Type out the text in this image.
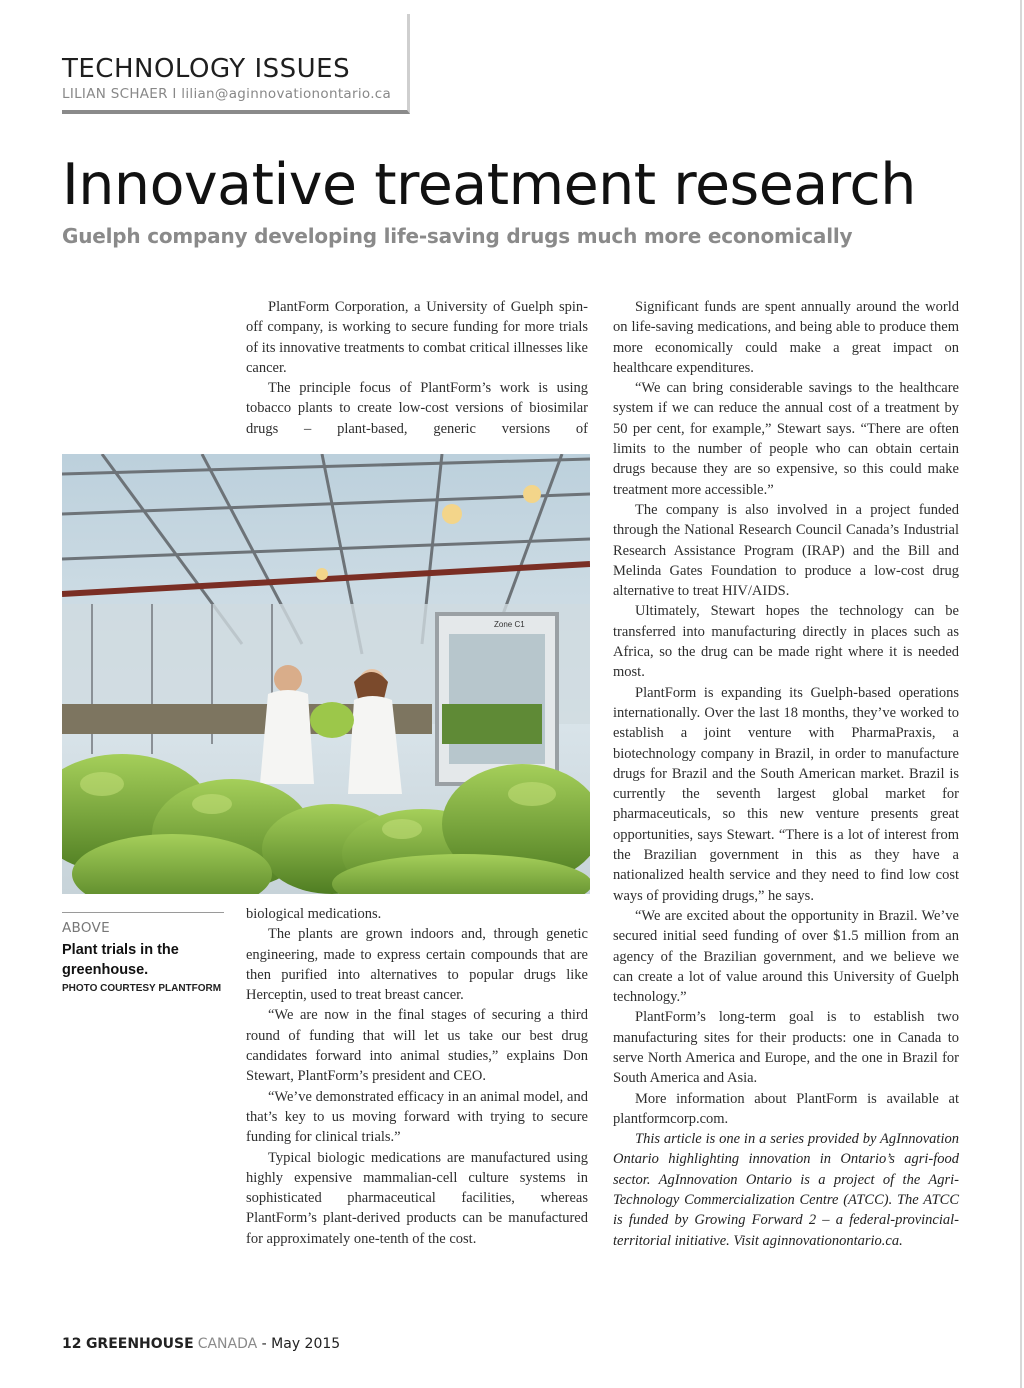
TECHNOLOGY ISSUES
LILIAN SCHAER I lilian@aginnovationontario.ca
Innovative treatment research
Guelph company developing life-saving drugs much more economically

PlantForm Corporation, a University of Guelph spin-off company, is working to secure funding for more trials of its innovative treatments to combat critical illnesses like cancer.

The principle focus of PlantForm’s work is using tobacco plants to create low-cost versions of biosimilar drugs – plant-based, generic versions of

Zone C1

biological medications.

The plants are grown indoors and, through genetic engineering, made to express certain compounds that are then purified into alternatives to popular drugs like Herceptin, used to treat breast cancer.

“We are now in the final stages of securing a third round of funding that will let us take our best drug candidates forward into animal studies,” explains Don Stewart, PlantForm’s president and CEO.

“We’ve demonstrated efficacy in an animal model, and that’s key to us moving forward with trying to secure funding for clinical trials.”

Typical biologic medications are manufactured using highly expensive mammalian-cell culture systems in sophisticated pharmaceutical facilities, whereas PlantForm’s plant-derived products can be manufactured for approximately one-tenth of the cost.

Significant funds are spent annually around the world on life-saving medications, and being able to produce them more economically could make a great impact on healthcare expenditures.

“We can bring considerable savings to the healthcare system if we can reduce the annual cost of a treatment by 50 per cent, for example,” Stewart says. “There are often limits to the number of people who can obtain certain drugs because they are so expensive, so this could make treatment more accessible.”

The company is also involved in a project funded through the National Research Council Canada’s Industrial Research Assistance Program (IRAP) and the Bill and Melinda Gates Foundation to produce a low-cost drug alternative to treat HIV/AIDS.

Ultimately, Stewart hopes the technology can be transferred into manufacturing directly in places such as Africa, so the drug can be made right where it is needed most.

PlantForm is expanding its Guelph-based operations internationally. Over the last 18 months, they’ve worked to establish a joint venture with PharmaPraxis, a biotechnology company in Brazil, in order to manufacture drugs for Brazil and the South American market. Brazil is currently the seventh largest global market for pharmaceuticals, so this new venture presents great opportunities, says Stewart. “There is a lot of interest from the Brazilian government in this as they have a nationalized health service and they need to find low cost ways of providing drugs,” he says.

“We are excited about the opportunity in Brazil. We’ve secured initial seed funding of over $1.5 million from an agency of the Brazilian government, and we believe we can create a lot of value around this University of Guelph technology.”

PlantForm’s long-term goal is to establish two manufacturing sites for their products: one in Canada to serve North America and Europe, and the one in Brazil for South America and Asia.

More information about PlantForm is available at plantformcorp.com.

This article is one in a series provided by AgInnovation Ontario highlighting innovation in Ontario’s agri-food sector. AgInnovation Ontario is a project of the Agri-Technology Commercialization Centre (ATCC). The ATCC is funded by Growing Forward 2 – a federal-provincial-territorial initiative. Visit aginnovationontario.ca.

ABOVE
Plant trials in the greenhouse.
PHOTO COURTESY PLANTFORM
12 GREENHOUSE CANADA - May 2015
